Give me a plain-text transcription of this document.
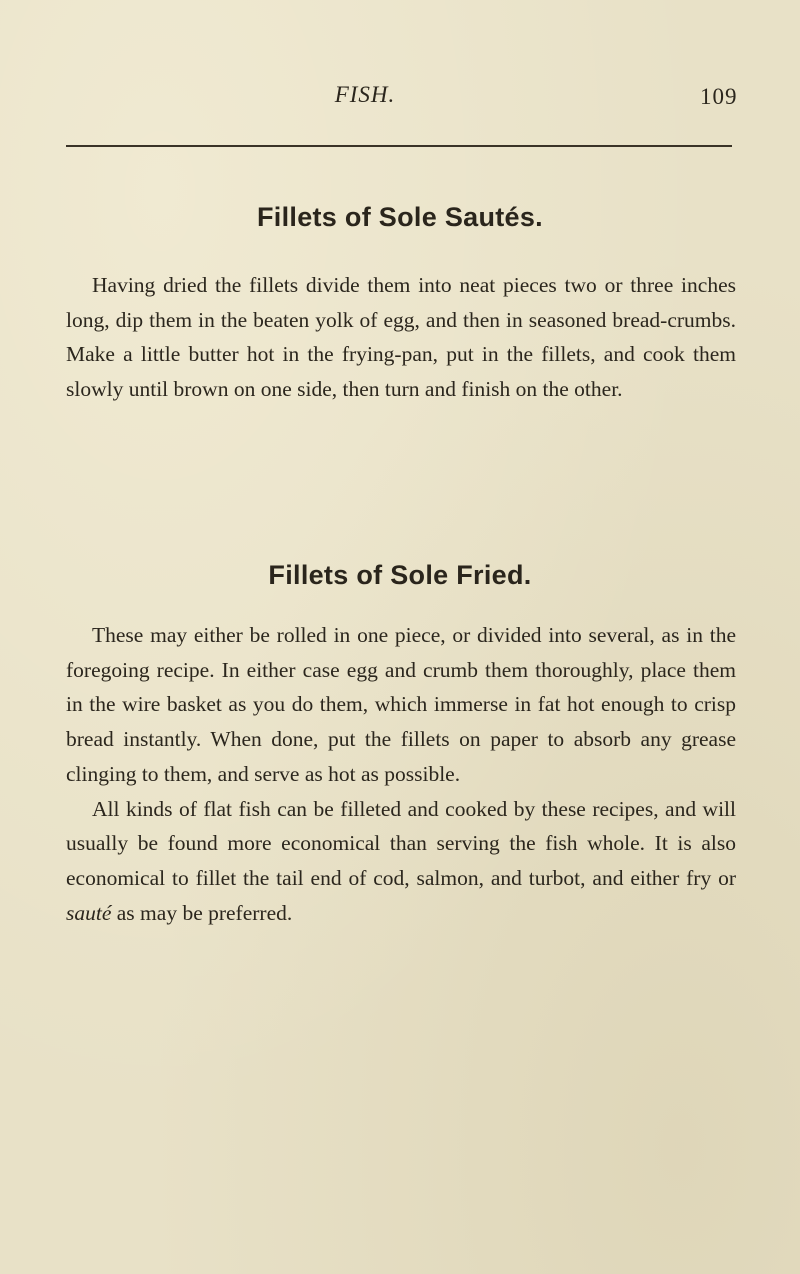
FISH.	109
Fillets of Sole Sautés.

Having dried the fillets divide them into neat pieces two or three inches long, dip them in the beaten yolk of egg, and then in seasoned bread-crumbs. Make a little butter hot in the frying-pan, put in the fillets, and cook them slowly until brown on one side, then turn and finish on the other.

Fillets of Sole Fried.

These may either be rolled in one piece, or divided into several, as in the foregoing recipe. In either case egg and crumb them thoroughly, place them in the wire basket as you do them, which immerse in fat hot enough to crisp bread instantly. When done, put the fillets on paper to absorb any grease clinging to them, and serve as hot as possible.

All kinds of flat fish can be filleted and cooked by these recipes, and will usually be found more economical than serving the fish whole. It is also economical to fillet the tail end of cod, salmon, and turbot, and either fry or sauté as may be preferred.
